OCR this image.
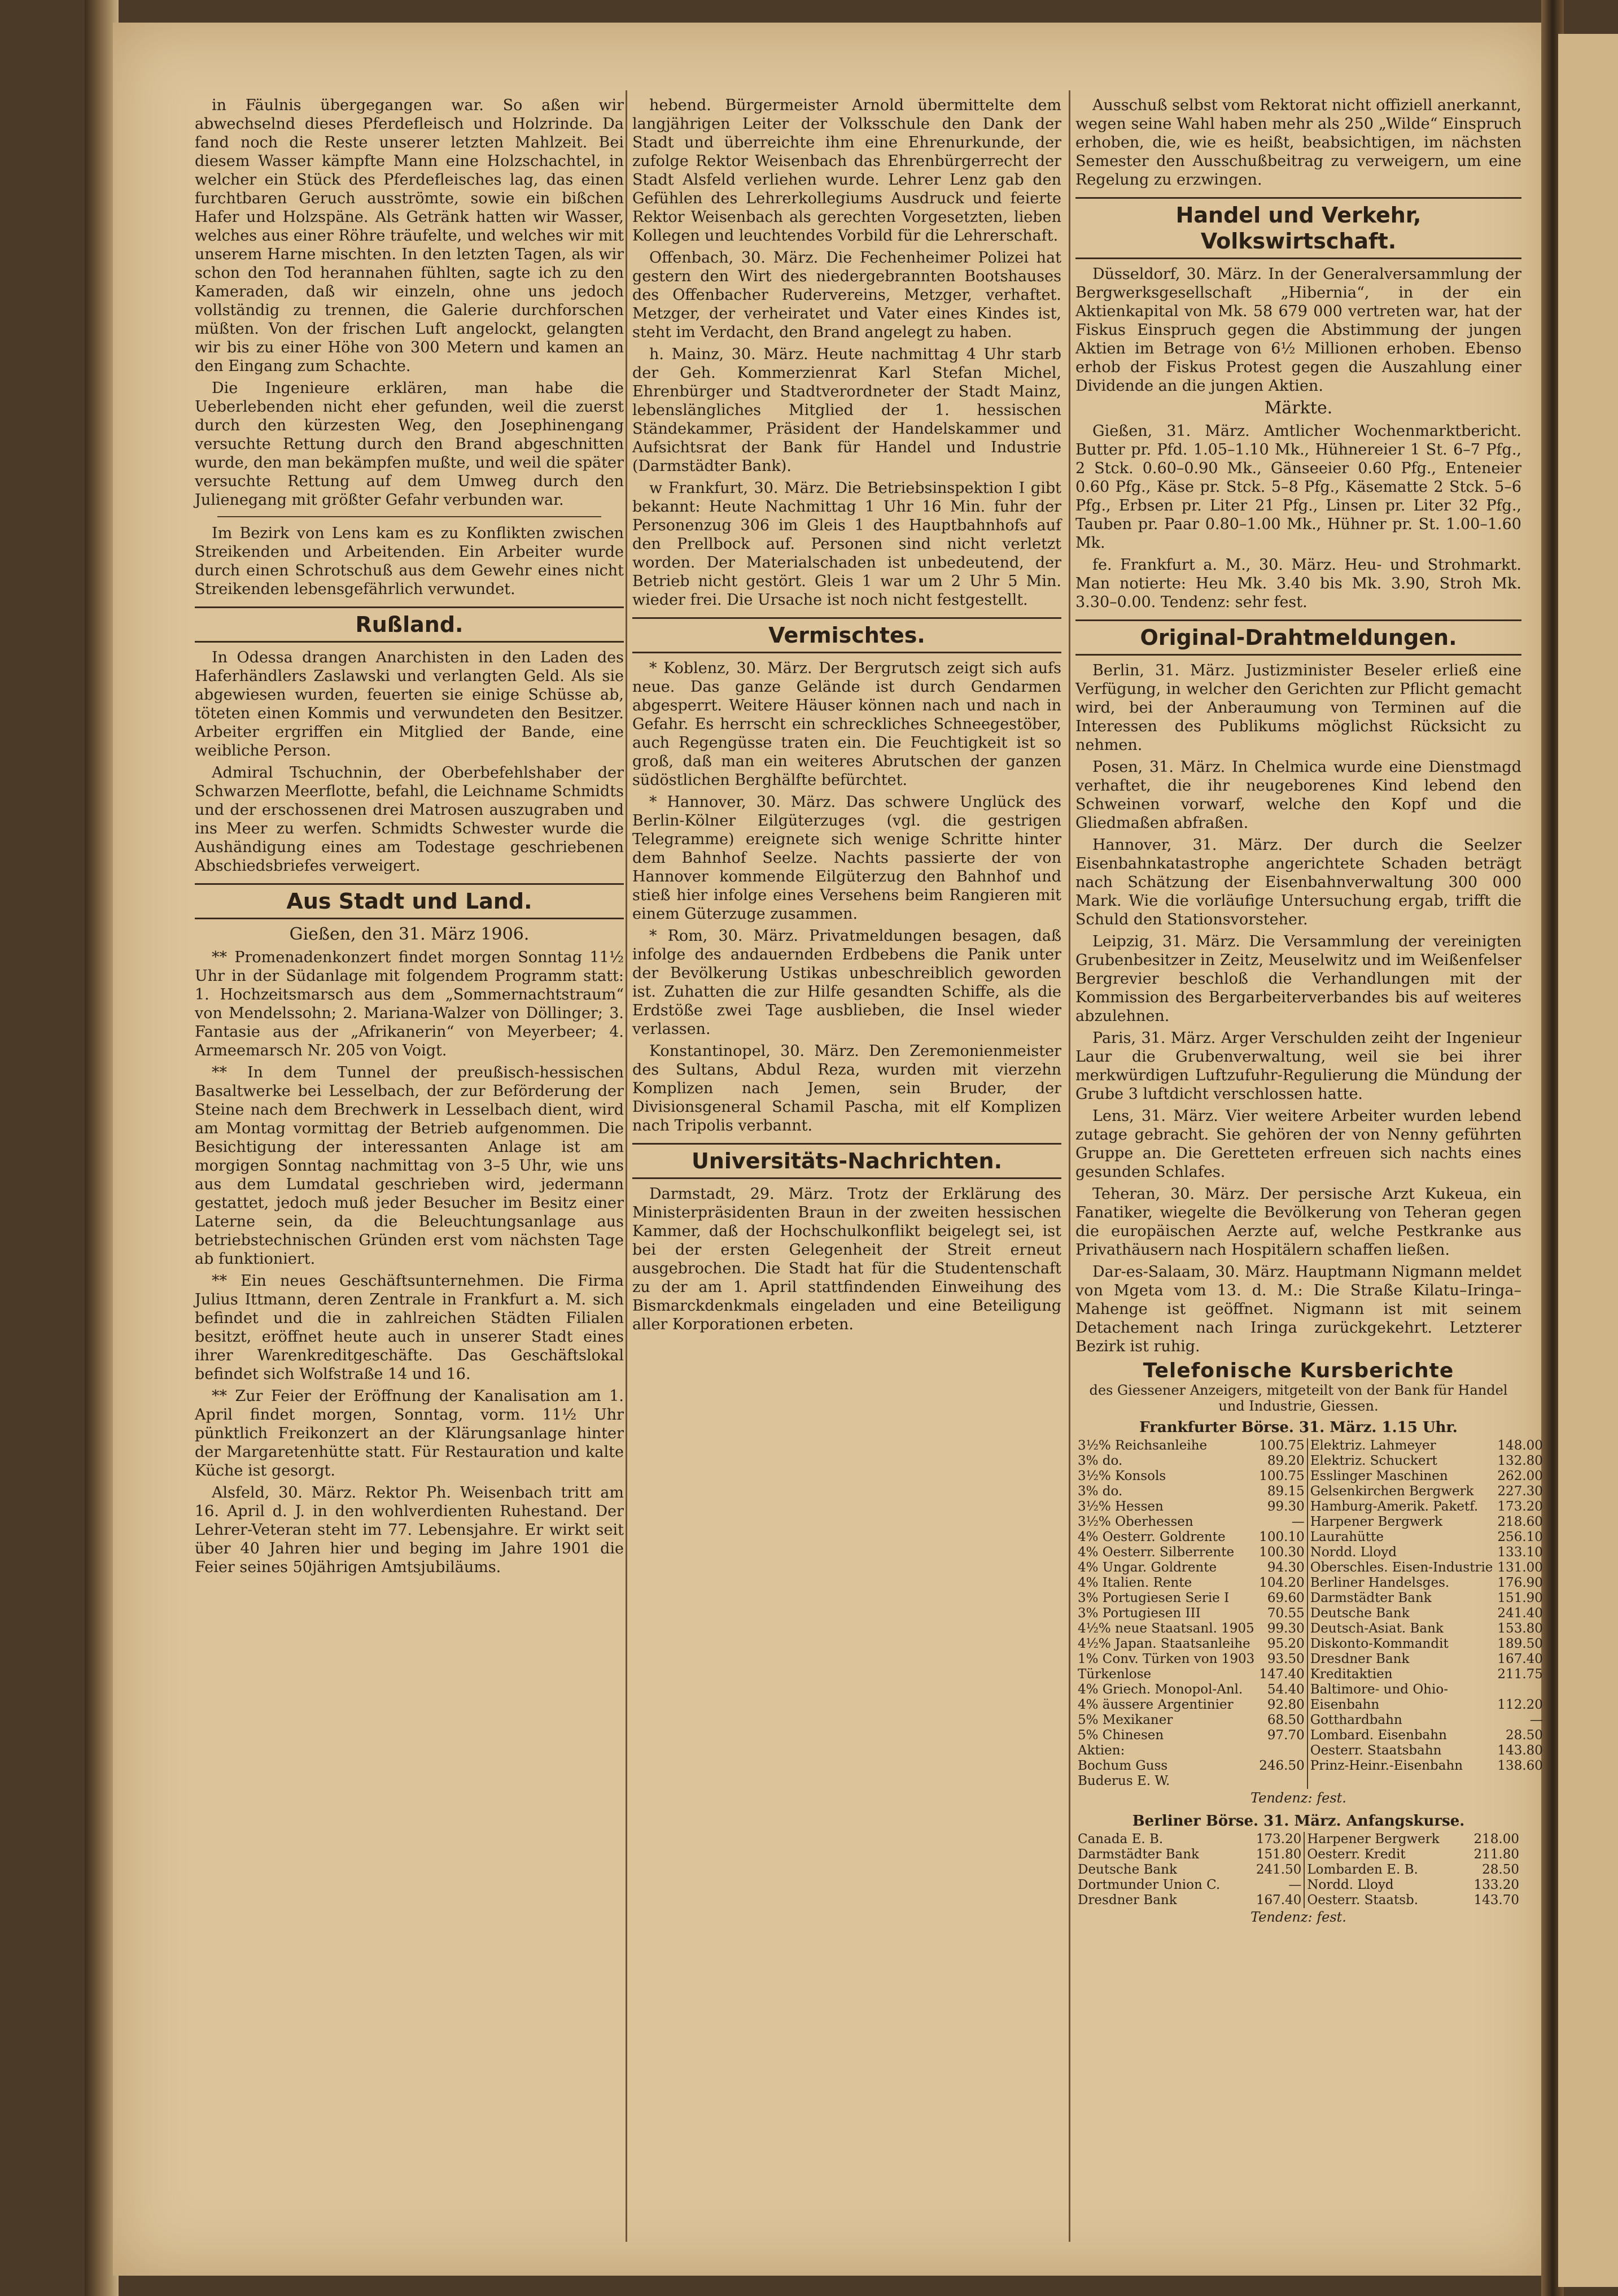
in Fäulnis übergegangen war. So aßen wir abwechselnd dieses Pferdefleisch und Holzrinde. Da fand noch die Reste unserer letzten Mahlzeit. Bei diesem Wasser kämpfte Mann eine Holzschachtel, in welcher ein Stück des Pferdefleisches lag, das einen furchtbaren Geruch ausströmte, sowie ein bißchen Hafer und Holzspäne. Als Getränk hatten wir Wasser, welches aus einer Röhre träufelte, und welches wir mit unserem Harne mischten. In den letzten Tagen, als wir schon den Tod herannahen fühlten, sagte ich zu den Kameraden, daß wir einzeln, ohne uns jedoch vollständig zu trennen, die Galerie durchforschen müßten. Von der frischen Luft angelockt, gelangten wir bis zu einer Höhe von 300 Metern und kamen an den Eingang zum Schachte.

Die Ingenieure erklären, man habe die Ueberlebenden nicht eher gefunden, weil die zuerst durch den kürzesten Weg, den Josephinengang versuchte Rettung durch den Brand abgeschnitten wurde, den man bekämpfen mußte, und weil die später versuchte Rettung auf dem Umweg durch den Julienegang mit größter Gefahr verbunden war.

Im Bezirk von Lens kam es zu Konflikten zwischen Streikenden und Arbeitenden. Ein Arbeiter wurde durch einen Schrotschuß aus dem Gewehr eines nicht Streikenden lebensgefährlich verwundet.

Rußland.

In Odessa drangen Anarchisten in den Laden des Haferhändlers Zaslawski und verlangten Geld. Als sie abgewiesen wurden, feuerten sie einige Schüsse ab, töteten einen Kommis und verwundeten den Besitzer. Arbeiter ergriffen ein Mitglied der Bande, eine weibliche Person.

Admiral Tschuchnin, der Oberbefehlshaber der Schwarzen Meerflotte, befahl, die Leichname Schmidts und der erschossenen drei Matrosen auszugraben und ins Meer zu werfen. Schmidts Schwester wurde die Aushändigung eines am Todestage geschriebenen Abschiedsbriefes verweigert.

Aus Stadt und Land.
Gießen, den 31. März 1906.

** Promenadenkonzert findet morgen Sonntag 11½ Uhr in der Südanlage mit folgendem Programm statt: 1. Hochzeitsmarsch aus dem „Sommernachtstraum“ von Mendelssohn; 2. Mariana-Walzer von Döllinger; 3. Fantasie aus der „Afrikanerin“ von Meyerbeer; 4. Armeemarsch Nr. 205 von Voigt.

** In dem Tunnel der preußisch-hessischen Basaltwerke bei Lesselbach, der zur Beförderung der Steine nach dem Brechwerk in Lesselbach dient, wird am Montag vormittag der Betrieb aufgenommen. Die Besichtigung der interessanten Anlage ist am morgigen Sonntag nachmittag von 3–5 Uhr, wie uns aus dem Lumdatal geschrieben wird, jedermann gestattet, jedoch muß jeder Besucher im Besitz einer Laterne sein, da die Beleuchtungsanlage aus betriebstechnischen Gründen erst vom nächsten Tage ab funktioniert.

** Ein neues Geschäftsunternehmen. Die Firma Julius Ittmann, deren Zentrale in Frankfurt a. M. sich befindet und die in zahlreichen Städten Filialen besitzt, eröffnet heute auch in unserer Stadt eines ihrer Warenkreditgeschäfte. Das Geschäftslokal befindet sich Wolfstraße 14 und 16.

** Zur Feier der Eröffnung der Kanalisation am 1. April findet morgen, Sonntag, vorm. 11½ Uhr pünktlich Freikonzert an der Klärungsanlage hinter der Margaretenhütte statt. Für Restauration und kalte Küche ist gesorgt.

Alsfeld, 30. März. Rektor Ph. Weisenbach tritt am 16. April d. J. in den wohlverdienten Ruhestand. Der Lehrer-Veteran steht im 77. Lebensjahre. Er wirkt seit über 40 Jahren hier und beging im Jahre 1901 die Feier seines 50jährigen Amtsjubiläums.

hebend. Bürgermeister Arnold übermittelte dem langjährigen Leiter der Volksschule den Dank der Stadt und überreichte ihm eine Ehrenurkunde, der zufolge Rektor Weisenbach das Ehrenbürgerrecht der Stadt Alsfeld verliehen wurde. Lehrer Lenz gab den Gefühlen des Lehrerkollegiums Ausdruck und feierte Rektor Weisenbach als gerechten Vorgesetzten, lieben Kollegen und leuchtendes Vorbild für die Lehrerschaft.

Offenbach, 30. März. Die Fechenheimer Polizei hat gestern den Wirt des niedergebrannten Bootshauses des Offenbacher Rudervereins, Metzger, verhaftet. Metzger, der verheiratet und Vater eines Kindes ist, steht im Verdacht, den Brand angelegt zu haben.

h. Mainz, 30. März. Heute nachmittag 4 Uhr starb der Geh. Kommerzienrat Karl Stefan Michel, Ehrenbürger und Stadtverordneter der Stadt Mainz, lebenslängliches Mitglied der 1. hessischen Ständekammer, Präsident der Handelskammer und Aufsichtsrat der Bank für Handel und Industrie (Darmstädter Bank).

w Frankfurt, 30. März. Die Betriebsinspektion I gibt bekannt: Heute Nachmittag 1 Uhr 16 Min. fuhr der Personenzug 306 im Gleis 1 des Hauptbahnhofs auf den Prellbock auf. Personen sind nicht verletzt worden. Der Materialschaden ist unbedeutend, der Betrieb nicht gestört. Gleis 1 war um 2 Uhr 5 Min. wieder frei. Die Ursache ist noch nicht festgestellt.

Vermischtes.

* Koblenz, 30. März. Der Bergrutsch zeigt sich aufs neue. Das ganze Gelände ist durch Gendarmen abgesperrt. Weitere Häuser können nach und nach in Gefahr. Es herrscht ein schreckliches Schneegestöber, auch Regengüsse traten ein. Die Feuchtigkeit ist so groß, daß man ein weiteres Abrutschen der ganzen südöstlichen Berghälfte befürchtet.

* Hannover, 30. März. Das schwere Unglück des Berlin-Kölner Eilgüterzuges (vgl. die gestrigen Telegramme) ereignete sich wenige Schritte hinter dem Bahnhof Seelze. Nachts passierte der von Hannover kommende Eilgüterzug den Bahnhof und stieß hier infolge eines Versehens beim Rangieren mit einem Güterzuge zusammen.

* Rom, 30. März. Privatmeldungen besagen, daß infolge des andauernden Erdbebens die Panik unter der Bevölkerung Ustikas unbeschreiblich geworden ist. Zuhatten die zur Hilfe gesandten Schiffe, als die Erdstöße zwei Tage ausblieben, die Insel wieder verlassen.

Konstantinopel, 30. März. Den Zeremonienmeister des Sultans, Abdul Reza, wurden mit vierzehn Komplizen nach Jemen, sein Bruder, der Divisionsgeneral Schamil Pascha, mit elf Komplizen nach Tripolis verbannt.

Universitäts-Nachrichten.

Darmstadt, 29. März. Trotz der Erklärung des Ministerpräsidenten Braun in der zweiten hessischen Kammer, daß der Hochschulkonflikt beigelegt sei, ist bei der ersten Gelegenheit der Streit erneut ausgebrochen. Die Stadt hat für die Studentenschaft zu der am 1. April stattfindenden Einweihung des Bismarckdenkmals eingeladen und eine Beteiligung aller Korporationen erbeten.

Ausschuß selbst vom Rektorat nicht offiziell anerkannt, wegen seine Wahl haben mehr als 250 „Wilde“ Einspruch erhoben, die, wie es heißt, beabsichtigen, im nächsten Semester den Ausschußbeitrag zu verweigern, um eine Regelung zu erzwingen.

Handel und Verkehr, Volkswirtschaft.

Düsseldorf, 30. März. In der Generalversammlung der Bergwerksgesellschaft „Hibernia“, in der ein Aktienkapital von Mk. 58 679 000 vertreten war, hat der Fiskus Einspruch gegen die Abstimmung der jungen Aktien im Betrage von 6½ Millionen erhoben. Ebenso erhob der Fiskus Protest gegen die Auszahlung einer Dividende an die jungen Aktien.

Märkte.

Gießen, 31. März. Amtlicher Wochenmarktbericht. Butter pr. Pfd. 1.05–1.10 Mk., Hühnereier 1 St. 6–7 Pfg., 2 Stck. 0.60–0.90 Mk., Gänseeier 0.60 Pfg., Enteneier 0.60 Pfg., Käse pr. Stck. 5–8 Pfg., Käsematte 2 Stck. 5–6 Pfg., Erbsen pr. Liter 21 Pfg., Linsen pr. Liter 32 Pfg., Tauben pr. Paar 0.80–1.00 Mk., Hühner pr. St. 1.00–1.60 Mk.

fe. Frankfurt a. M., 30. März. Heu- und Strohmarkt. Man notierte: Heu Mk. 3.40 bis Mk. 3.90, Stroh Mk. 3.30–0.00. Tendenz: sehr fest.

Original-Drahtmeldungen.

Berlin, 31. März. Justizminister Beseler erließ eine Verfügung, in welcher den Gerichten zur Pflicht gemacht wird, bei der Anberaumung von Terminen auf die Interessen des Publikums möglichst Rücksicht zu nehmen.

Posen, 31. März. In Chelmica wurde eine Dienstmagd verhaftet, die ihr neugeborenes Kind lebend den Schweinen vorwarf, welche den Kopf und die Gliedmaßen abfraßen.

Hannover, 31. März. Der durch die Seelzer Eisenbahnkatastrophe angerichtete Schaden beträgt nach Schätzung der Eisenbahnverwaltung 300 000 Mark. Wie die vorläufige Untersuchung ergab, trifft die Schuld den Stationsvorsteher.

Leipzig, 31. März. Die Versammlung der vereinigten Grubenbesitzer in Zeitz, Meuselwitz und im Weißenfelser Bergrevier beschloß die Verhandlungen mit der Kommission des Bergarbeiterverbandes bis auf weiteres abzulehnen.

Paris, 31. März. Arger Verschulden zeiht der Ingenieur Laur die Grubenverwaltung, weil sie bei ihrer merkwürdigen Luftzufuhr-Regulierung die Mündung der Grube 3 luftdicht verschlossen hatte.

Lens, 31. März. Vier weitere Arbeiter wurden lebend zutage gebracht. Sie gehören der von Nenny geführten Gruppe an. Die Geretteten erfreuen sich nachts eines gesunden Schlafes.

Teheran, 30. März. Der persische Arzt Kukeua, ein Fanatiker, wiegelte die Bevölkerung von Teheran gegen die europäischen Aerzte auf, welche Pestkranke aus Privathäusern nach Hospitälern schaffen ließen.

Dar-es-Salaam, 30. März. Hauptmann Nigmann meldet von Mgeta vom 13. d. M.: Die Straße Kilatu–Iringa–Mahenge ist geöffnet. Nigmann ist mit seinem Detachement nach Iringa zurückgekehrt. Letzterer Bezirk ist ruhig.

Telefonische Kursberichte
des Giessener Anzeigers, mitgeteilt von der Bank für Handel und Industrie, Giessen.
Frankfurter Börse. 31. März. 1.15 Uhr.
3½% Reichsanleihe	100.75	Elektriz. Lahmeyer	148.00
3% do.	89.20	Elektriz. Schuckert	132.80
3½% Konsols	100.75	Esslinger Maschinen	262.00
3% do.	89.15	Gelsenkirchen Bergwerk	227.30
3½% Hessen	99.30	Hamburg-Amerik. Paketf.	173.20
3½% Oberhessen	—	Harpener Bergwerk	218.60
4% Oesterr. Goldrente	100.10	Laurahütte	256.10
4% Oesterr. Silberrente	100.30	Nordd. Lloyd	133.10
4% Ungar. Goldrente	94.30	Oberschles. Eisen-Industrie	131.00
4% Italien. Rente	104.20	Berliner Handelsges.	176.90
3% Portugiesen Serie I	69.60	Darmstädter Bank	151.90
3% Portugiesen III	70.55	Deutsche Bank	241.40
4½% neue Staatsanl. 1905	99.30	Deutsch-Asiat. Bank	153.80
4½% Japan. Staatsanleihe	95.20	Diskonto-Kommandit	189.50
1% Conv. Türken von 1903	93.50	Dresdner Bank	167.40
Türkenlose	147.40	Kreditaktien	211.75
4% Griech. Monopol-Anl.	54.40	Baltimore- und Ohio-	
4% äussere Argentinier	92.80	Eisenbahn	112.20
5% Mexikaner	68.50	Gotthardbahn	—
5% Chinesen	97.70	Lombard. Eisenbahn	28.50
Aktien:		Oesterr. Staatsbahn	143.80
Bochum Guss	246.50	Prinz-Heinr.-Eisenbahn	138.60
Buderus E. W.			
Tendenz: fest.
Berliner Börse. 31. März. Anfangskurse.
Canada E. B.	173.20	Harpener Bergwerk	218.00
Darmstädter Bank	151.80	Oesterr. Kredit	211.80
Deutsche Bank	241.50	Lombarden E. B.	28.50
Dortmunder Union C.	—	Nordd. Lloyd	133.20
Dresdner Bank	167.40	Oesterr. Staatsb.	143.70
Tendenz: fest.
